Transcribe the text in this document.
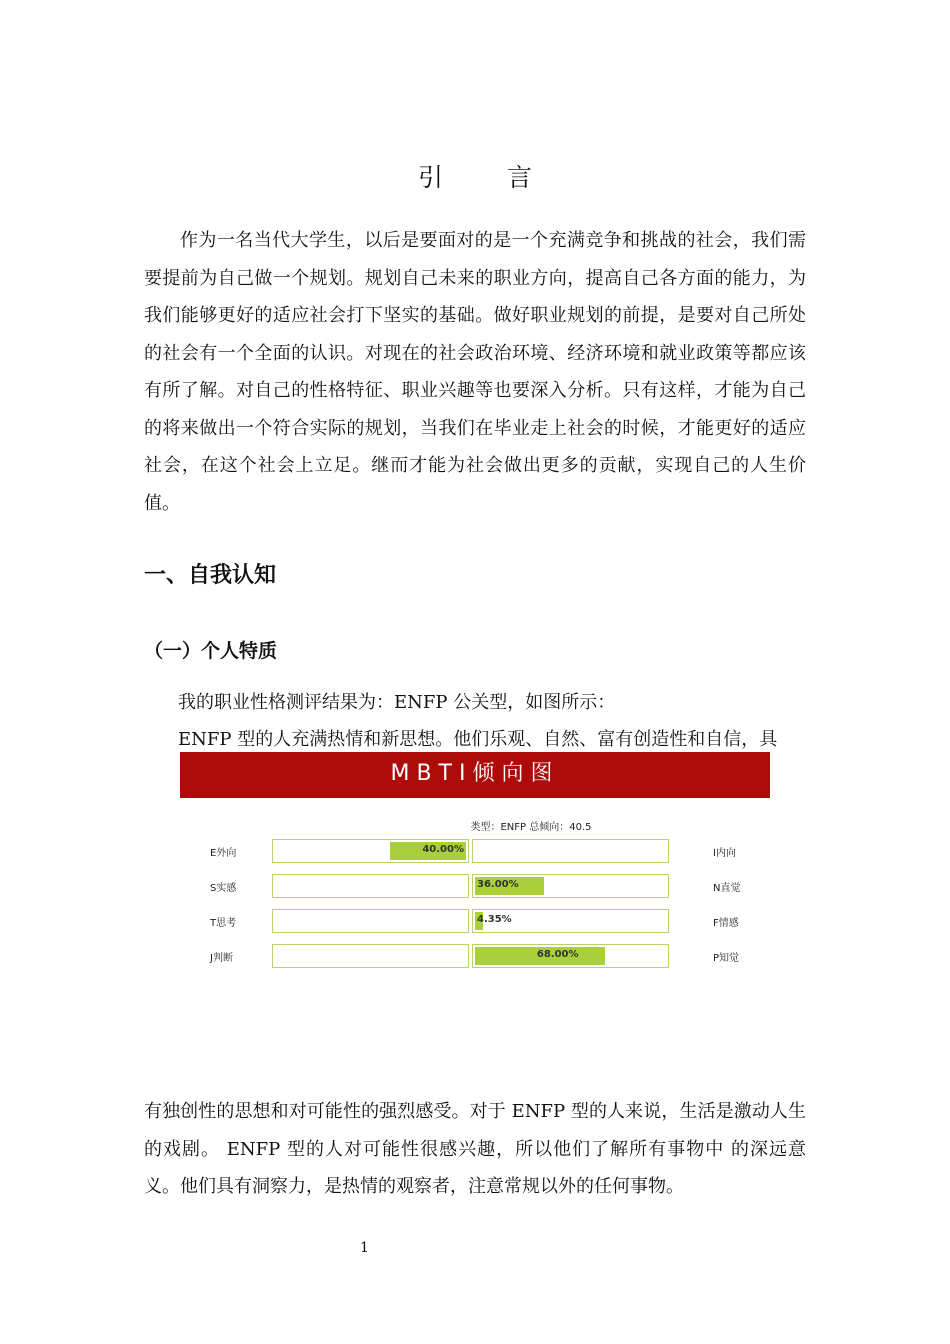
引 言

作为一名当代大学生，以后是要面对的是一个充满竞争和挑战的社会，我们需要提前为自己做一个规划。规划自己未来的职业方向，提高自己各方面的能力，为我们能够更好的适应社会打下坚实的基础。做好职业规划的前提，是要对自己所处的社会有一个全面的认识。对现在的社会政治环境、经济环境和就业政策等都应该有所了解。对自己的性格特征、职业兴趣等也要深入分析。只有这样，才能为自己的将来做出一个符合实际的规划，当我们在毕业走上社会的时候，才能更好的适应社会，在这个社会上立足。继而才能为社会做出更多的贡献，实现自己的人生价值。

一、自我认知
（一）个人特质

我的职业性格测评结果为：ENFP 公关型，如图所示：

ENFP 型的人充满热情和新思想。他们乐观、自然、富有创造性和自信，具

MBTI倾向图
类型：ENFP 总倾向：40.5
E外向	40.00%	I内向
S实感	36.00%	N直觉
T思考	4.35%	F情感
J判断	68.00%	P知觉

有独创性的思想和对可能性的强烈感受。对于 ENFP 型的人来说，生活是激动人生的戏剧。 ENFP 型的人对可能性很感兴趣，所以他们了解所有事物中 的深远意义。他们具有洞察力，是热情的观察者，注意常规以外的任何事物。

1
